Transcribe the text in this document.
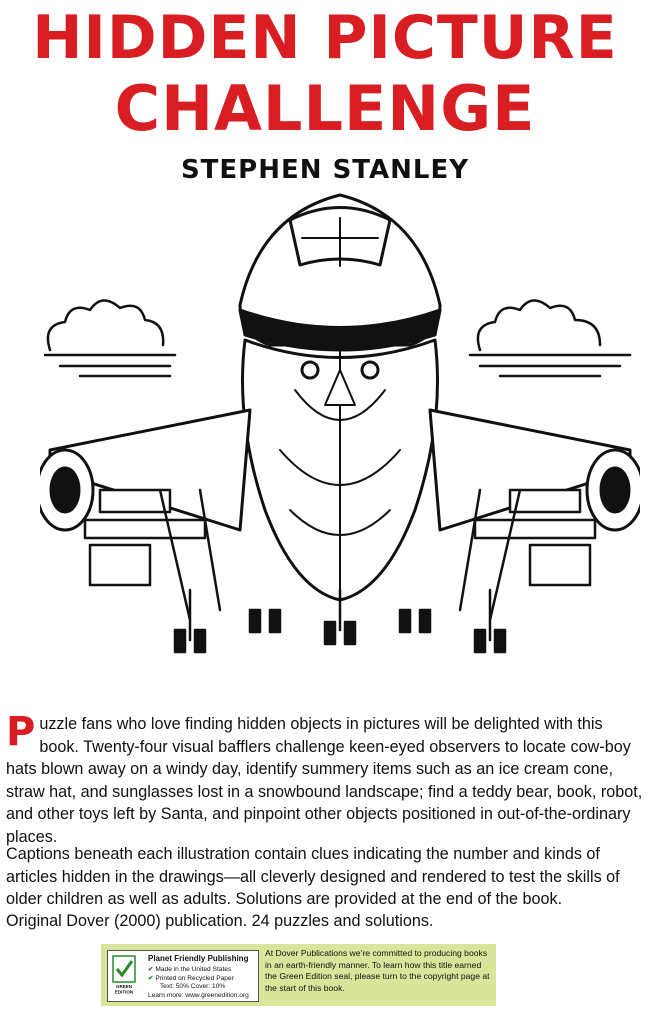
HIDDEN PICTURE
CHALLENGE
STEPHEN STANLEY

Puzzle fans who love finding hidden objects in pictures will be delighted with this book. Twenty-four visual bafflers challenge keen-eyed observers to locate cow-boy hats blown away on a windy day, identify summery items such as an ice cream cone, straw hat, and sunglasses lost in a snowbound landscape; find a teddy bear, book, robot, and other toys left by Santa, and pinpoint other objects positioned in out-of-the-ordinary places.

Captions beneath each illustration contain clues indicating the number and kinds of articles hidden in the drawings—all cleverly designed and rendered to test the skills of older children as well as adults. Solutions are provided at the end of the book.

Original Dover (2000) publication. 24 puzzles and solutions.

GREEN
EDITION
Planet Friendly Publishing
✔ Made in the United States
✔ Printed on Recycled Paper
Text: 50% Cover: 10%
Learn more: www.greenedition.org
At Dover Publications we’re committed to producing books in an earth-friendly manner. To learn how this title earned the Green Edition seal, please turn to the copyright page at the start of this book.
